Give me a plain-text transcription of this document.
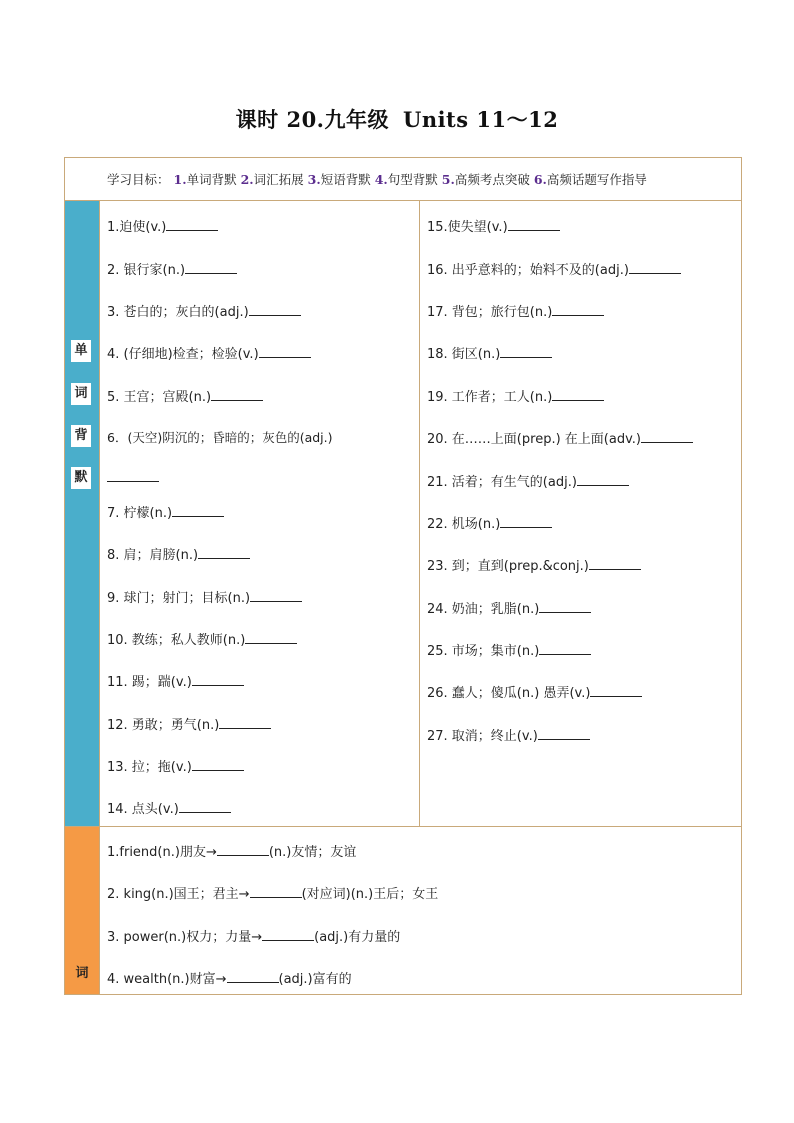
课时 20.九年级 Units 11～12
学习目标： 1.单词背默 2.词汇拓展 3.短语背默 4.句型背默 5.高频考点突破 6.高频话题写作指导
单
词
背
默
1.迫使(v.)
2. 银行家(n.)
3. 苍白的；灰白的(adj.)
4. (仔细地)检查；检验(v.)
5. 王宫；宫殿(n.)
6．(天空)阴沉的；昏暗的；灰色的(adj.)
7. 柠檬(n.)
8. 肩；肩膀(n.)
9. 球门；射门；目标(n.)
10. 教练；私人教师(n.)
11. 踢；踹(v.)
12. 勇敢；勇气(n.)
13. 拉；拖(v.)
14. 点头(v.)
15.使失望(v.)
16. 出乎意料的；始料不及的(adj.)
17. 背包；旅行包(n.)
18. 街区(n.)
19. 工作者；工人(n.)
20. 在……上面(prep.) 在上面(adv.)
21. 活着；有生气的(adj.)
22. 机场(n.)
23. 到；直到(prep.&conj.)
24. 奶油；乳脂(n.)
25. 市场；集市(n.)
26. 蠢人；傻瓜(n.) 愚弄(v.)
27. 取消；终止(v.)
词
1.friend(n.)朋友→	(n.)友情；友谊
2. king(n.)国王；君主→	(对应词)(n.)王后；女王
3. power(n.)权力；力量→	(adj.)有力量的
4. wealth(n.)财富→	(adj.)富有的
